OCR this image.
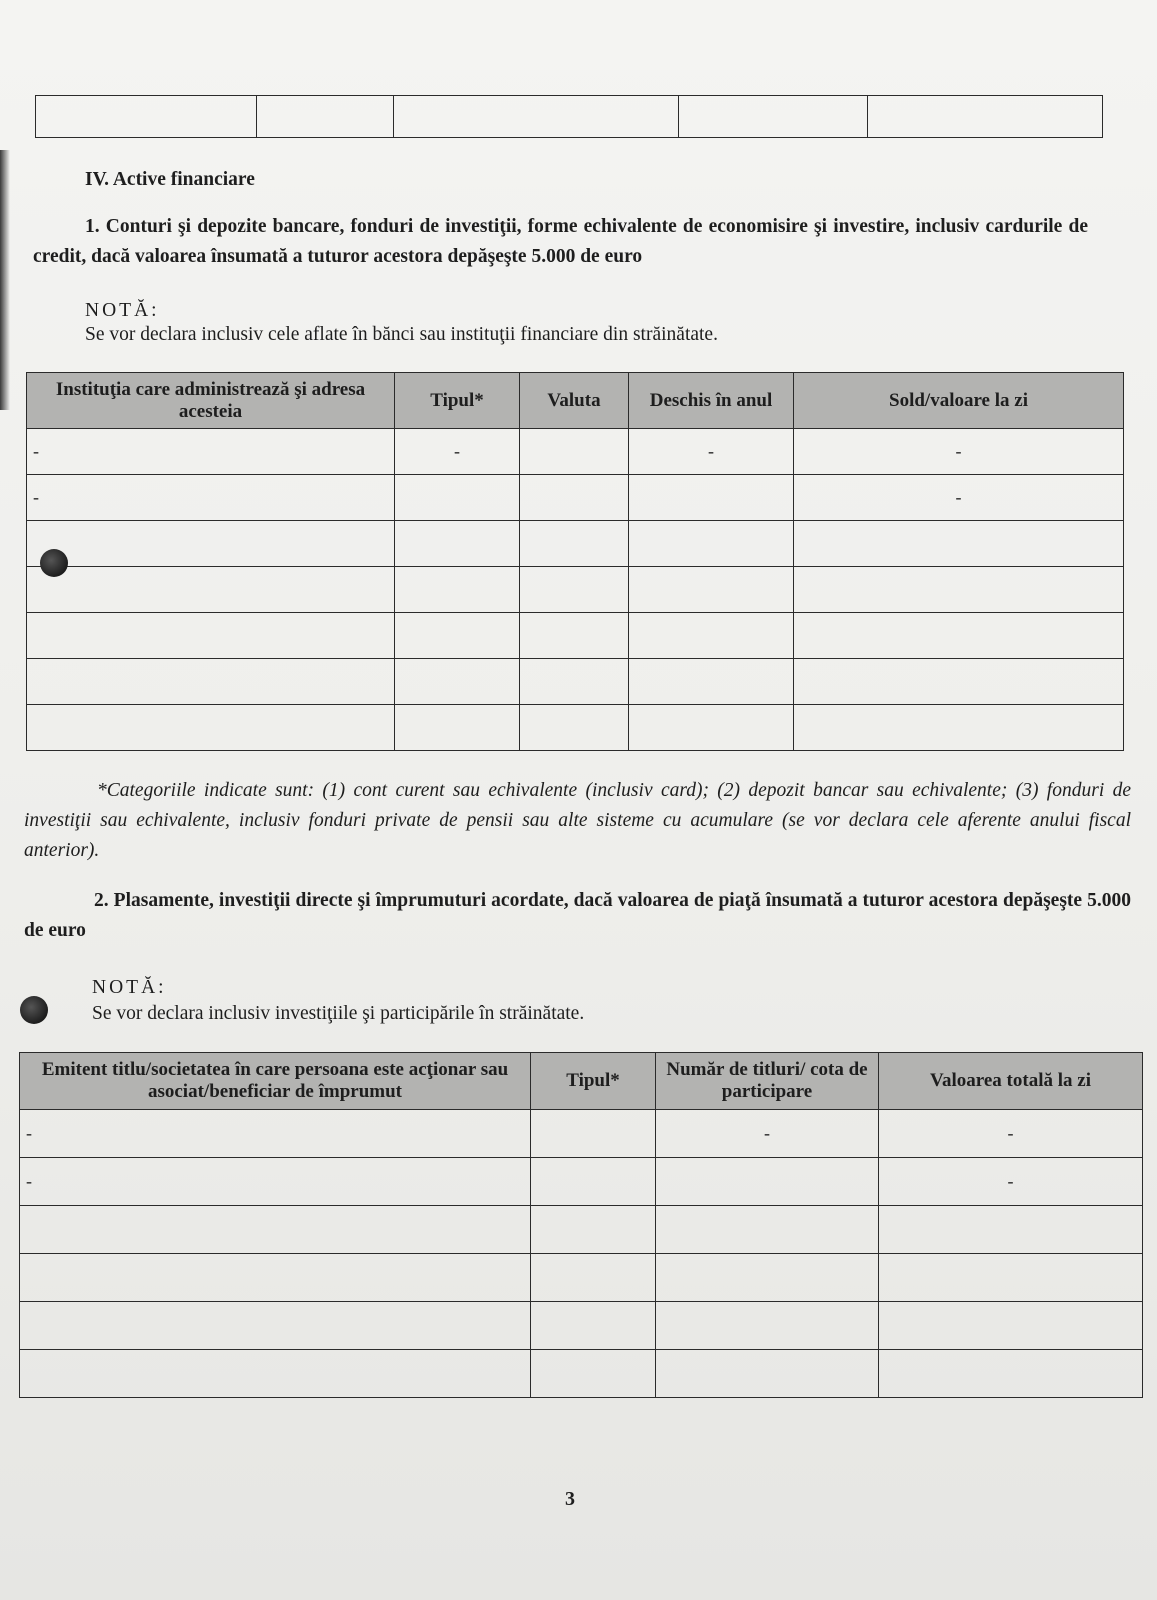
IV. Active financiare
1. Conturi şi depozite bancare, fonduri de investiţii, forme echivalente de economisire şi investire, inclusiv cardurile de credit, dacă valoarea însumată a tuturor acestora depăşeşte 5.000 de euro
NOTĂ:
Se vor declara inclusiv cele aflate în bănci sau instituţii financiare din străinătate.
Instituţia care administrează şi adresa acesteia	Tipul*	Valuta	Deschis în anul	Sold/valoare la zi
-	-		-	-
-				-

*Categoriile indicate sunt: (1) cont curent sau echivalente (inclusiv card); (2) depozit bancar sau echivalente; (3) fonduri de investiţii sau echivalente, inclusiv fonduri private de pensii sau alte sisteme cu acumulare (se vor declara cele aferente anului fiscal anterior).
2. Plasamente, investiţii directe şi împrumuturi acordate, dacă valoarea de piaţă însumată a tuturor acestora depăşeşte 5.000 de euro
NOTĂ:
Se vor declara inclusiv investiţiile şi participările în străinătate.
Emitent titlu/societatea în care persoana este acţionar sau asociat/beneficiar de împrumut	Tipul*	Număr de titluri/ cota de participare	Valoarea totală la zi
-		-	-
-			-

3
